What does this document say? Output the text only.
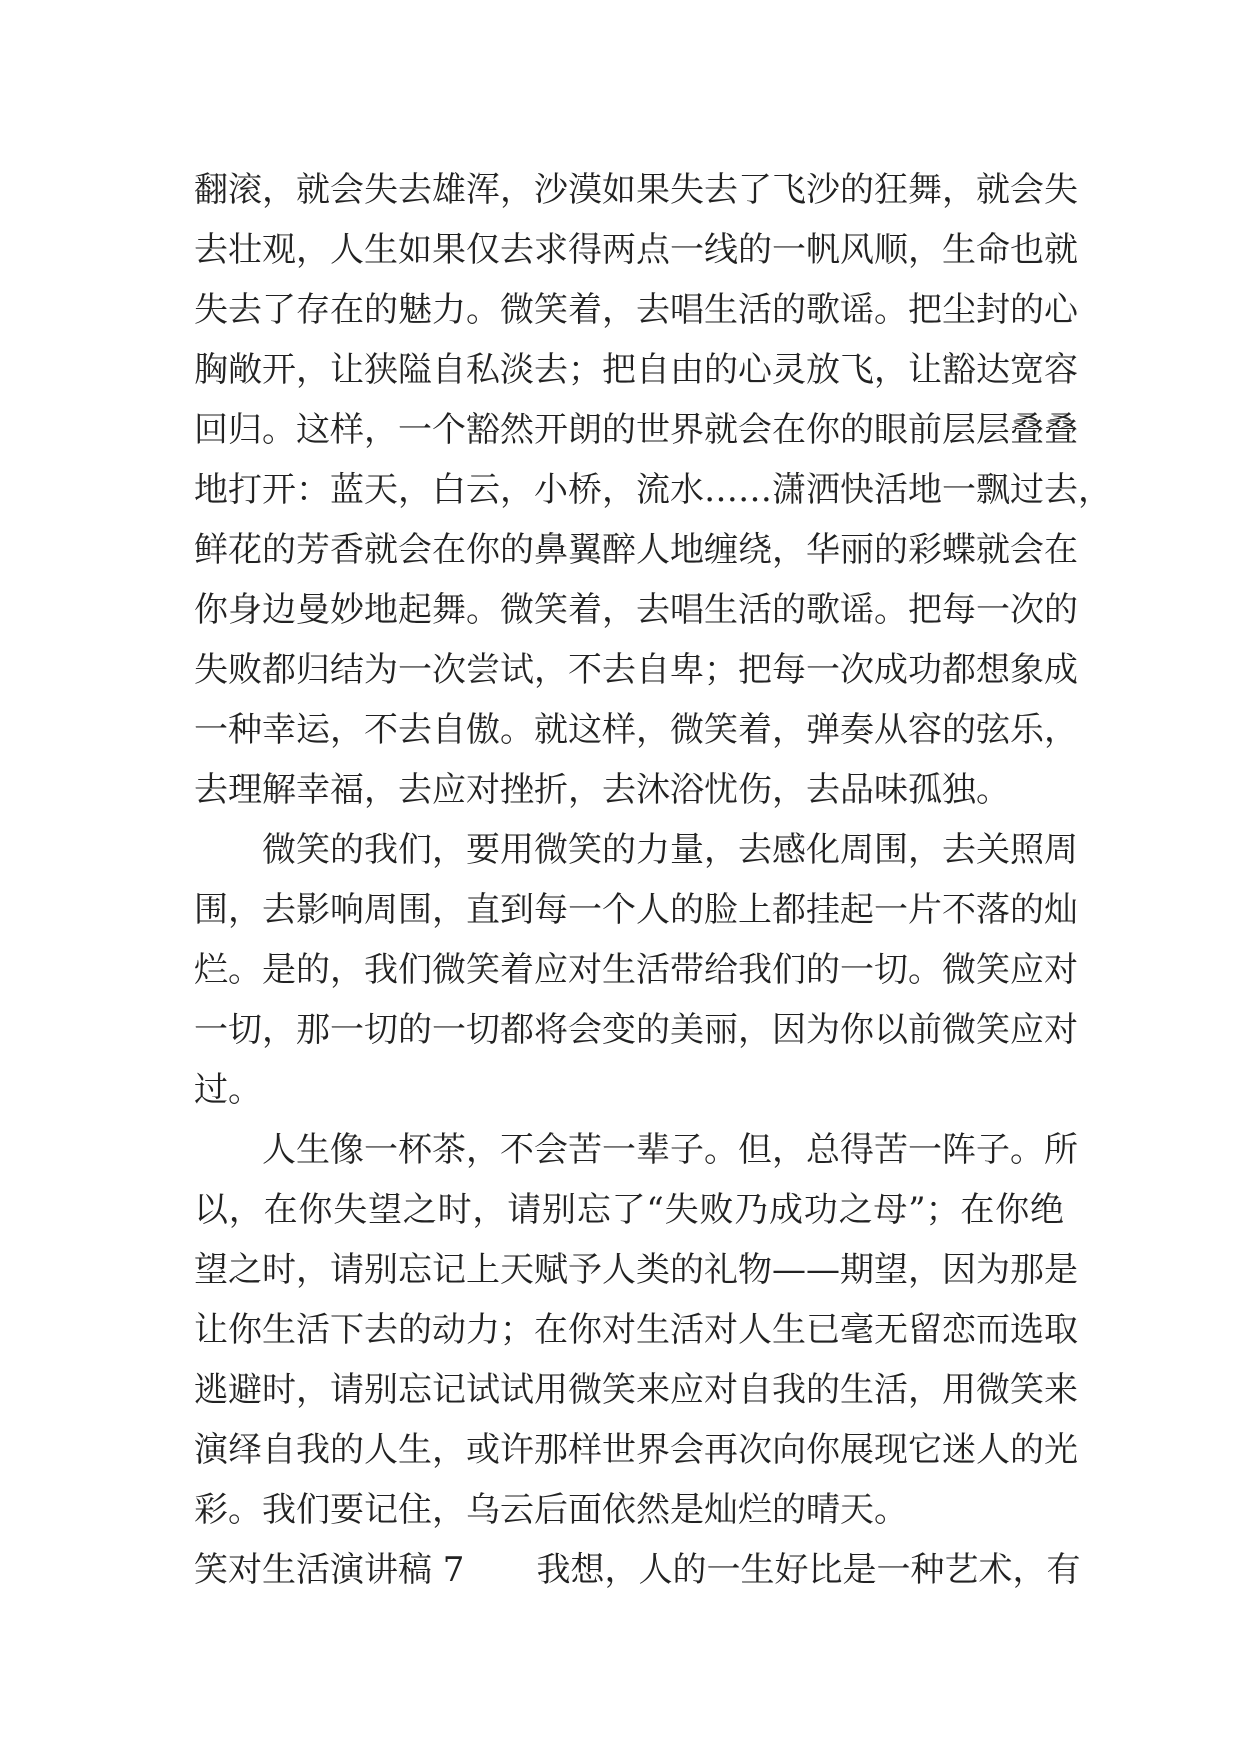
翻滚，就会失去雄浑，沙漠如果失去了飞沙的狂舞，就会失
去壮观，人生如果仅去求得两点一线的一帆风顺，生命也就
失去了存在的魅力。微笑着，去唱生活的歌谣。把尘封的心
胸敞开，让狭隘自私淡去；把自由的心灵放飞，让豁达宽容
回归。这样，一个豁然开朗的世界就会在你的眼前层层叠叠
地打开：蓝天，白云，小桥，流水……潇洒快活地一飘过去，
鲜花的芳香就会在你的鼻翼醉人地缠绕，华丽的彩蝶就会在
你身边曼妙地起舞。微笑着，去唱生活的歌谣。把每一次的
失败都归结为一次尝试，不去自卑；把每一次成功都想象成
一种幸运，不去自傲。就这样，微笑着，弹奏从容的弦乐，
去理解幸福，去应对挫折，去沐浴忧伤，去品味孤独。
微笑的我们，要用微笑的力量，去感化周围，去关照周
围，去影响周围，直到每一个人的脸上都挂起一片不落的灿
烂。是的，我们微笑着应对生活带给我们的一切。微笑应对
一切，那一切的一切都将会变的美丽，因为你以前微笑应对
过。
人生像一杯茶，不会苦一辈子。但，总得苦一阵子。所
以，在你失望之时，请别忘了“失败乃成功之母”；在你绝
望之时，请别忘记上天赋予人类的礼物——期望，因为那是
让你生活下去的动力；在你对生活对人生已毫无留恋而选取
逃避时，请别忘记试试用微笑来应对自我的生活，用微笑来
演绎自我的人生，或许那样世界会再次向你展现它迷人的光
彩。我们要记住，乌云后面依然是灿烂的晴天。
笑对生活演讲稿 7 我想，人的一生好比是一种艺术，有
